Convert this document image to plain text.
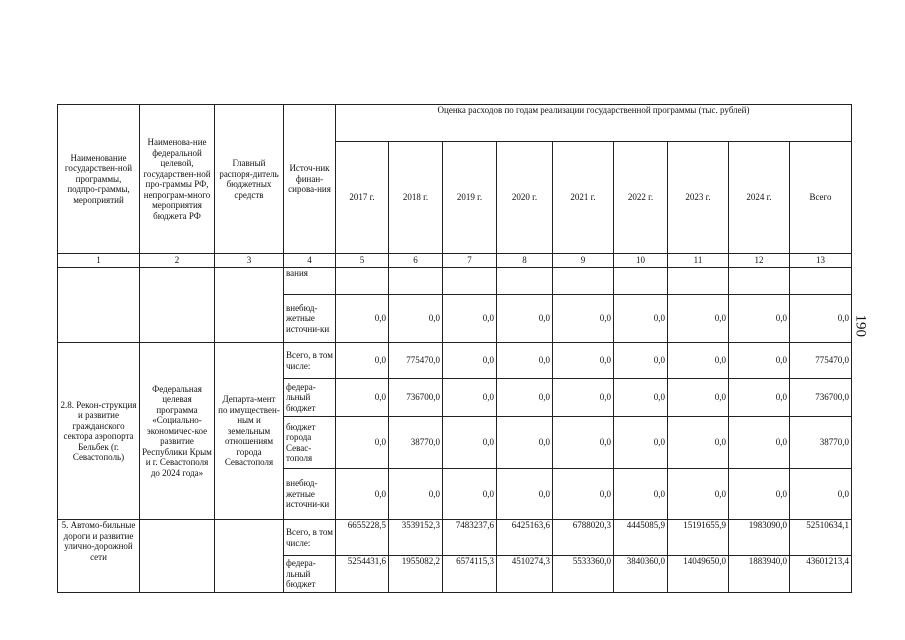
Наименование государствен-ной программы, подпро-граммы, мероприятий	Наименова-ние федеральной целевой, государствен-ной про-граммы РФ, непрограм-много мероприятия бюджета РФ	Главный распоря-дитель бюджетных средств	Источ-ник финан-сирова-ния	Оценка расходов по годам реализации государственной программы (тыс. рублей)								
				2017 г.	2018 г.	2019 г.	2020 г.	2021 г.	2022 г.	2023 г.	2024 г.	Всего
1	2	3	4	5	6	7	8	9	10	11	12	13
			вания									
			внебюд-жетные источни-ки	0,0	0,0	0,0	0,0	0,0	0,0	0,0	0,0	0,0
2.8. Рекон-струкция и развитие гражданского сектора аэропорта Бельбек (г. Севастополь)	Федеральная целевая программа «Социально-экономичес-кое развитие Республики Крым и г. Севастополя до 2024 года»	Департа-мент по имуществен-ным и земельным отношениям города Севастополя	Всего, в том числе:	0,0	775470,0	0,0	0,0	0,0	0,0	0,0	0,0	775470,0
			федера-льный бюджет	0,0	736700,0	0,0	0,0	0,0	0,0	0,0	0,0	736700,0
			бюджет города Севас-тополя	0,0	38770,0	0,0	0,0	0,0	0,0	0,0	0,0	38770,0
			внебюд-жетные источни-ки	0,0	0,0	0,0	0,0	0,0	0,0	0,0	0,0	0,0
5. Автомо-бильные дороги и развитие улично-дорожной сети			Всего, в том числе:	6655228,5	3539152,3	7483237,6	6425163,6	6788020,3	4445085,9	15191655,9	1983090,0	52510634,1
			федера-льный бюджет	5254431,6	1955082,2	6574115,3	4510274,3	5533360,0	3840360,0	14049650,0	1883940,0	43601213,4
190
